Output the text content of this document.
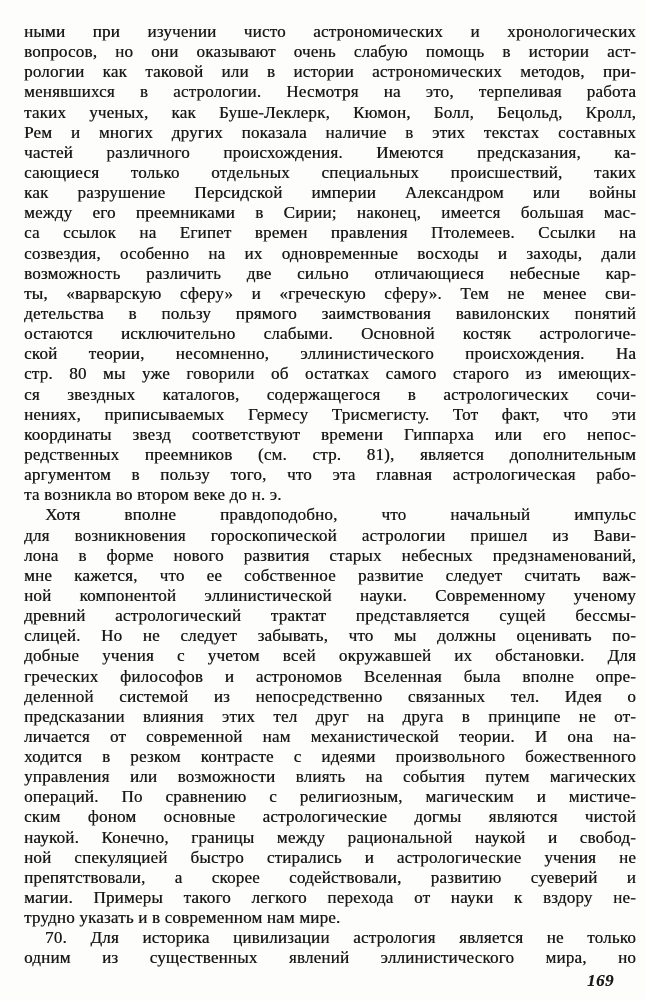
ными при изучении чисто астрономических и хронологических
вопросов, но они оказывают очень слабую помощь в истории аст-
рологии как таковой или в истории астрономических методов, при-
менявшихся в астрологии. Несмотря на это, терпеливая работа
таких ученых, как Буше-Леклерк, Кюмон, Болл, Бецольд, Кролл,
Рем и многих других показала наличие в этих текстах составных
частей различного происхождения. Имеются предсказания, ка-
сающиеся только отдельных специальных происшествий, таких
как разрушение Персидской империи Александром или войны
между его преемниками в Сирии; наконец, имеется большая мас-
са ссылок на Египет времен правления Птолемеев. Ссылки на
созвездия, особенно на их одновременные восходы и заходы, дали
возможность различить две сильно отличающиеся небесные кар-
ты, «варварскую сферу» и «греческую сферу». Тем не менее сви-
детельства в пользу прямого заимствования вавилонских понятий
остаются исключительно слабыми. Основной костяк астрологиче-
ской теории, несомненно, эллинистического происхождения. На
стр. 80 мы уже говорили об остатках самого старого из имеющих-
ся звездных каталогов, содержащегося в астрологических сочи-
нениях, приписываемых Гермесу Трисмегисту. Тот факт, что эти
координаты звезд соответствуют времени Гиппарха или его непос-
редственных преемников (см. стр. 81), является дополнительным
аргументом в пользу того, что эта главная астрологическая рабо-
та возникла во втором веке до н. э.
Хотя вполне правдоподобно, что начальный импульс
для возникновения гороскопической астрологии пришел из Вави-
лона в форме нового развития старых небесных предзнаменований,
мне кажется, что ее собственное развитие следует считать важ-
ной компонентой эллинистической науки. Современному ученому
древний астрологический трактат представляется сущей бессмы-
слицей. Но не следует забывать, что мы должны оценивать по-
добные учения с учетом всей окружавшей их обстановки. Для
греческих философов и астрономов Вселенная была вполне опре-
деленной системой из непосредственно связанных тел. Идея о
предсказании влияния этих тел друг на друга в принципе не от-
личается от современной нам механистической теории. И она на-
ходится в резком контрасте с идеями произвольного божественного
управления или возможности влиять на события путем магических
операций. По сравнению с религиозным, магическим и мистиче-
ским фоном основные астрологические догмы являются чистой
наукой. Конечно, границы между рациональной наукой и свобод-
ной спекуляцией быстро стирались и астрологические учения не
препятствовали, а скорее содействовали, развитию суеверий и
магии. Примеры такого легкого перехода от науки к вздору не-
трудно указать и в современном нам мире.
70. Для историка цивилизации астрология является не только
одним из существенных явлений эллинистического мира, но
169
